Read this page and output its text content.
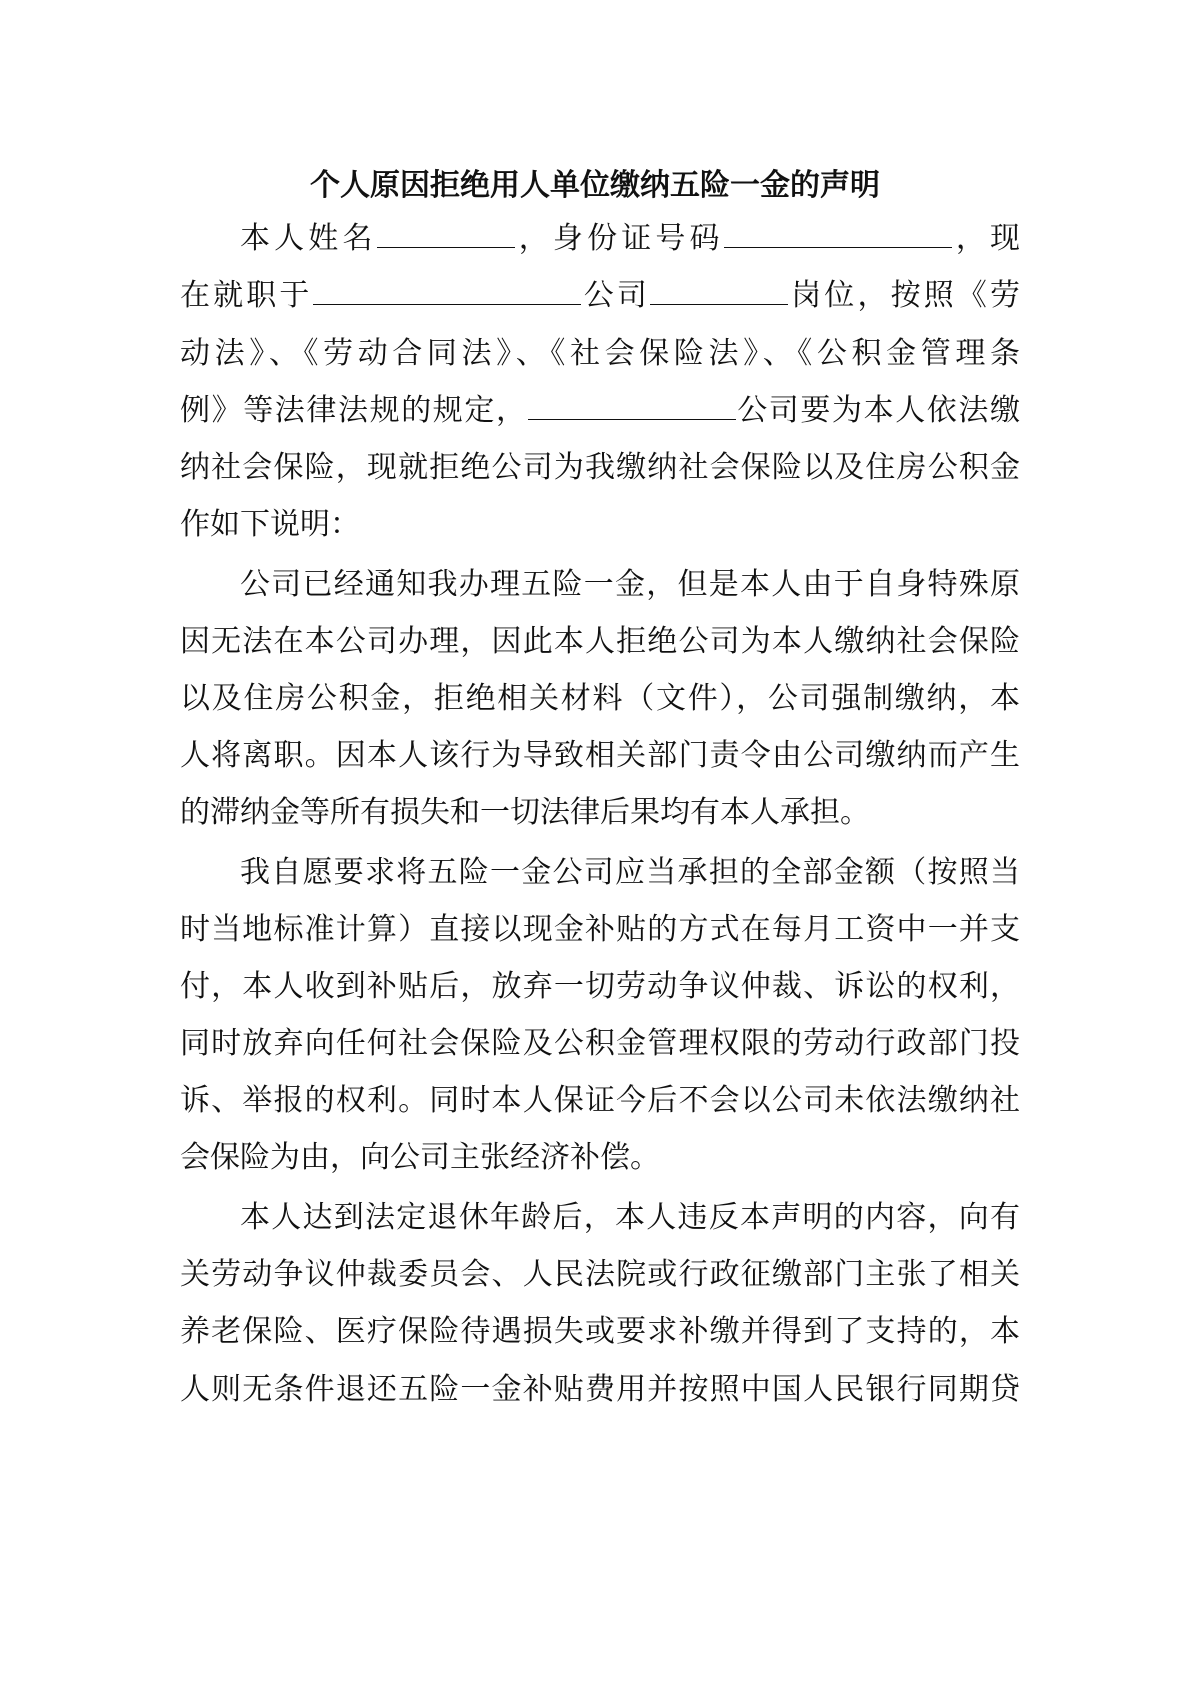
个人原因拒绝用人单位缴纳五险一金的声明
本人姓名	，身份证号码	，现
在就职于	公司	岗位，按照《劳
动法》、《劳动合同法》、《社会保险法》、《公积金管理条
例》等法律法规的规定，	公司要为本人依法缴
纳社会保险，现就拒绝公司为我缴纳社会保险以及住房公积金
作如下说明：
公司已经通知我办理五险一金，但是本人由于自身特殊原
因无法在本公司办理，因此本人拒绝公司为本人缴纳社会保险
以及住房公积金，拒绝相关材料（文件），公司强制缴纳，本
人将离职。因本人该行为导致相关部门责令由公司缴纳而产生
的滞纳金等所有损失和一切法律后果均有本人承担。
我自愿要求将五险一金公司应当承担的全部金额（按照当
时当地标准计算）直接以现金补贴的方式在每月工资中一并支
付，本人收到补贴后，放弃一切劳动争议仲裁、诉讼的权利，
同时放弃向任何社会保险及公积金管理权限的劳动行政部门投
诉、举报的权利。同时本人保证今后不会以公司未依法缴纳社
会保险为由，向公司主张经济补偿。
本人达到法定退休年龄后，本人违反本声明的内容，向有
关劳动争议仲裁委员会、人民法院或行政征缴部门主张了相关
养老保险、医疗保险待遇损失或要求补缴并得到了支持的，本
人则无条件退还五险一金补贴费用并按照中国人民银行同期贷
